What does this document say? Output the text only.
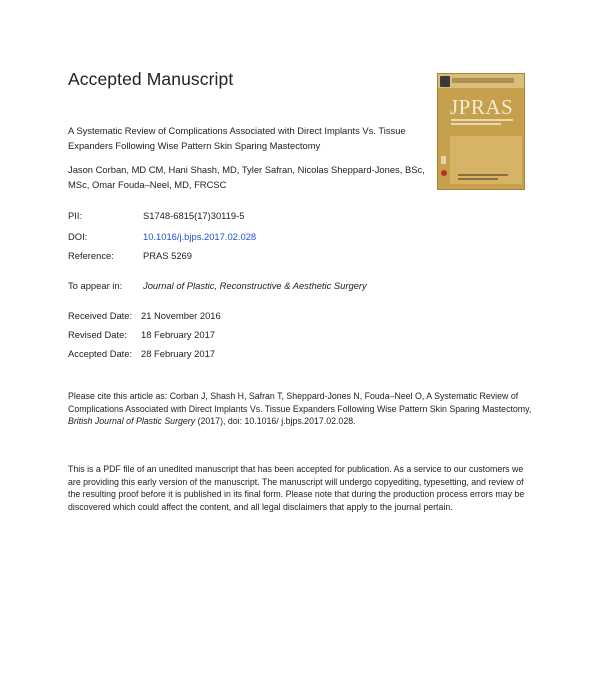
Accepted Manuscript
A Systematic Review of Complications Associated with Direct Implants Vs. Tissue Expanders Following Wise Pattern Skin Sparing Mastectomy
Jason Corban, MD CM, Hani Shash, MD, Tyler Safran, Nicolas Sheppard-Jones, BSc, MSc, Omar Fouda–Neel, MD, FRCSC
JPRAS
PII:	S1748-6815(17)30119-5
DOI:	10.1016/j.bjps.2017.02.028
Reference:	PRAS 5269
To appear in: Journal of Plastic, Reconstructive & Aesthetic Surgery
Received Date: 21 November 2016
Revised Date: 18 February 2017
Accepted Date: 28 February 2017
Please cite this article as: Corban J, Shash H, Safran T, Sheppard-Jones N, Fouda–Neel O, A Systematic Review of Complications Associated with Direct Implants Vs. Tissue Expanders Following Wise Pattern Skin Sparing Mastectomy, British Journal of Plastic Surgery (2017), doi: 10.1016/ j.bjps.2017.02.028.
This is a PDF file of an unedited manuscript that has been accepted for publication. As a service to our customers we are providing this early version of the manuscript. The manuscript will undergo copyediting, typesetting, and review of the resulting proof before it is published in its final form. Please note that during the production process errors may be discovered which could affect the content, and all legal disclaimers that apply to the journal pertain.
